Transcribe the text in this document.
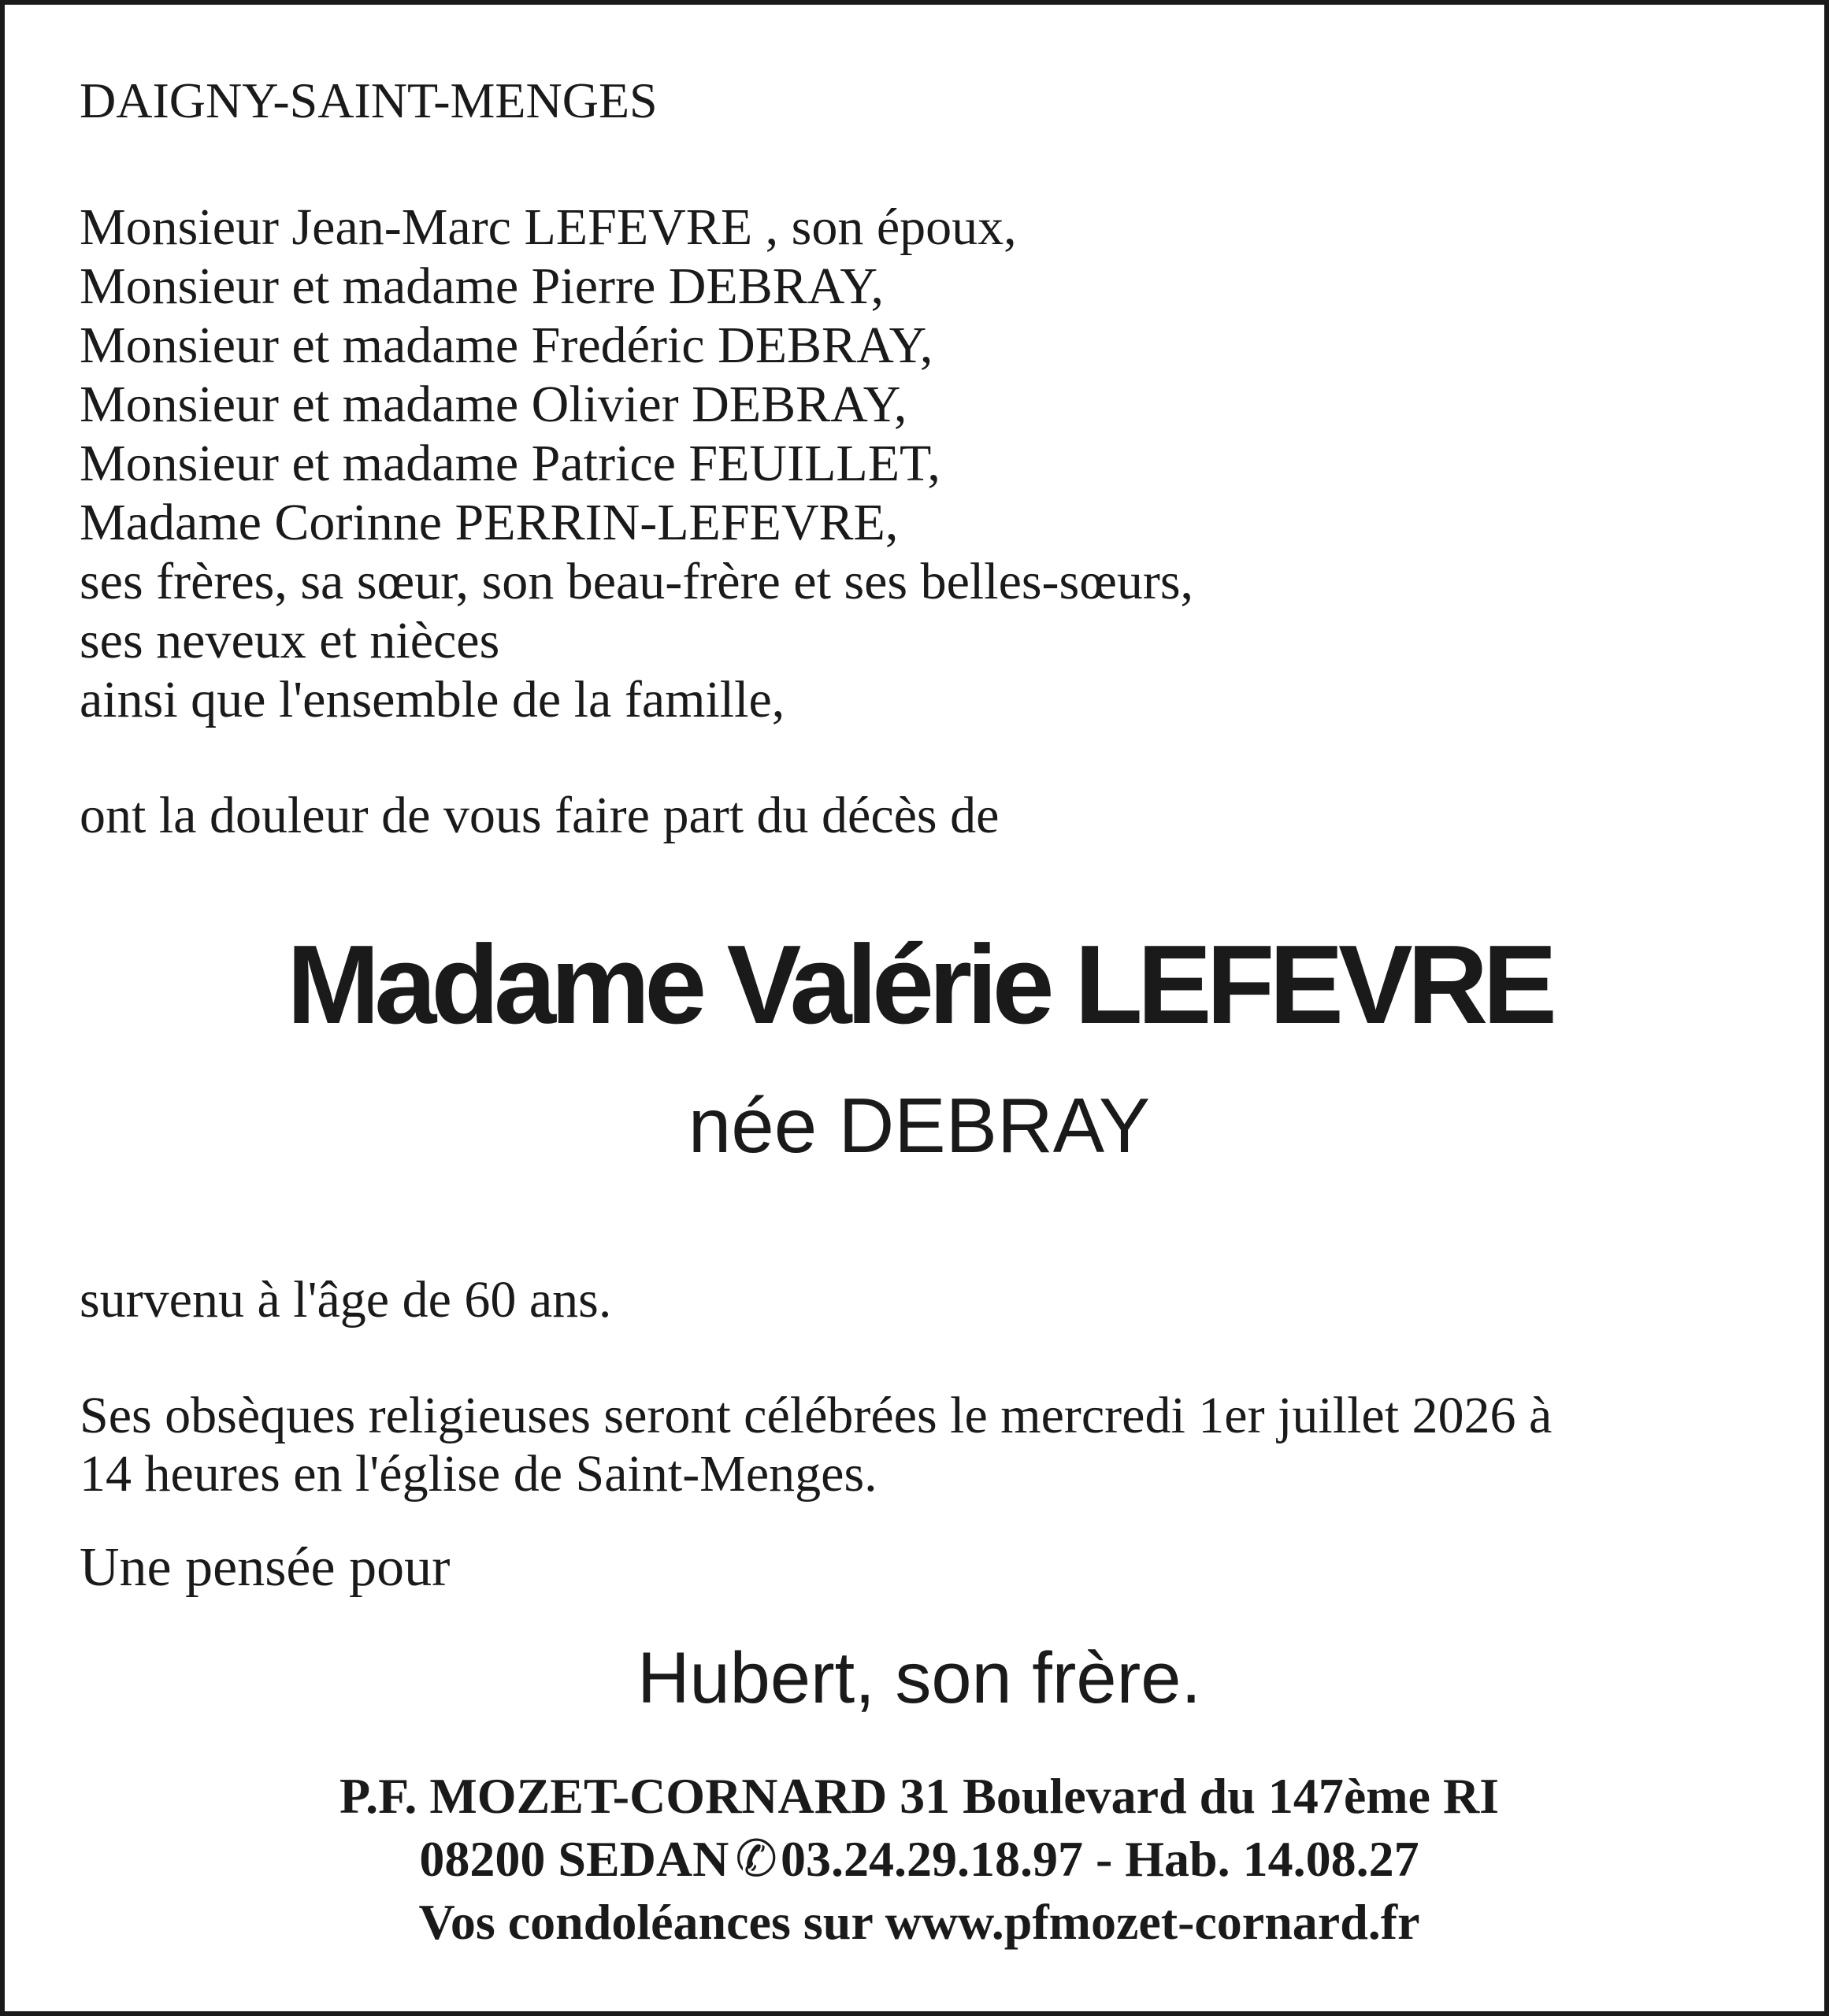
DAIGNY-SAINT-MENGES
Monsieur Jean-Marc LEFEVRE , son époux,
Monsieur et madame Pierre DEBRAY,
Monsieur et madame Fredéric DEBRAY,
Monsieur et madame Olivier DEBRAY,
Monsieur et madame Patrice FEUILLET,
Madame Corinne PERRIN-LEFEVRE,
ses frères, sa sœur, son beau-frère et ses belles-sœurs,
ses neveux et nièces
ainsi que l'ensemble de la famille,
ont la douleur de vous faire part du décès de
Madame Valérie LEFEVRE
née DEBRAY
survenu à l'âge de 60 ans.
Ses obsèques religieuses seront célébrées le mercredi 1er juillet 2026 à
14 heures en l'église de Saint-Menges.
Une pensée pour
Hubert, son frère.
P.F. MOZET-CORNARD 31 Boulevard du 147ème RI
08200 SEDAN ✆03.24.29.18.97 - Hab. 14.08.27
Vos condoléances sur www.pfmozet-cornard.fr
